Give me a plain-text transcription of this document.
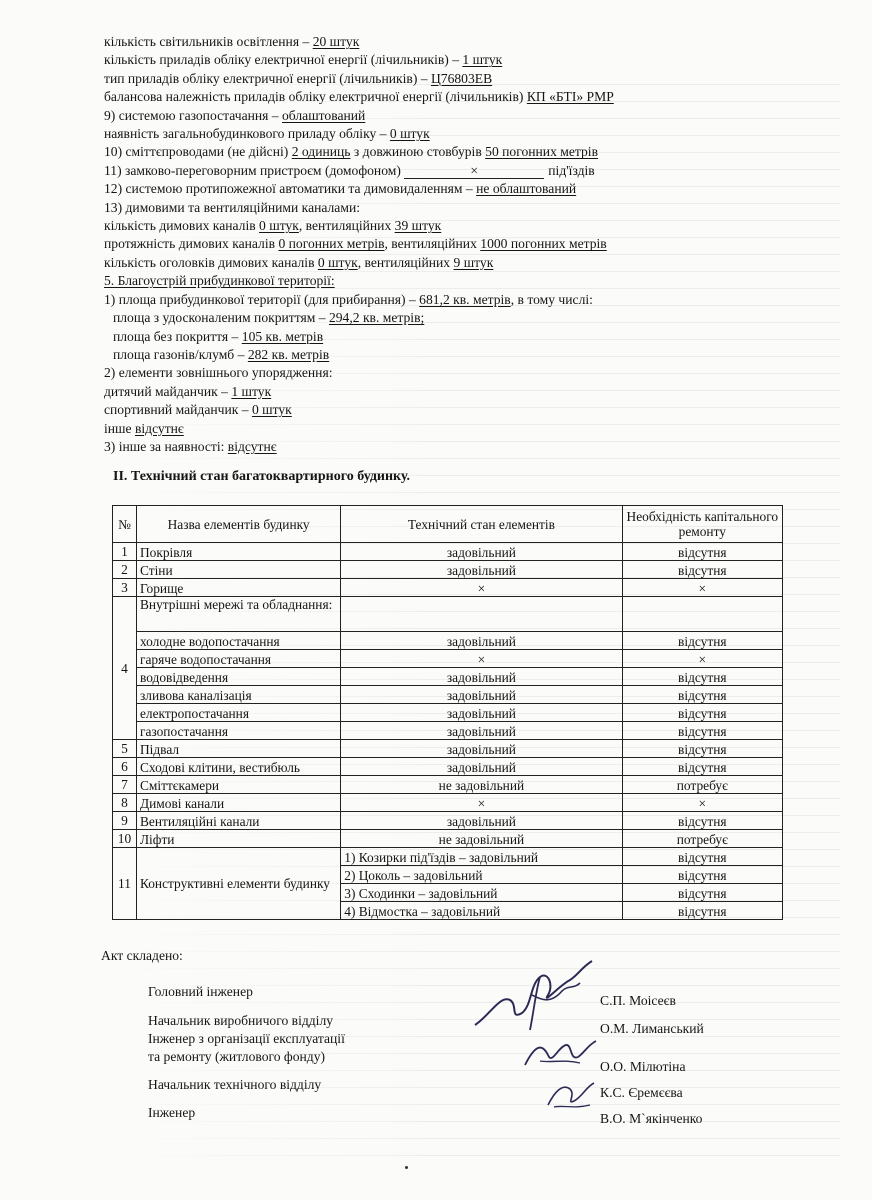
кількість світильників освітлення – 20 штук
кількість приладів обліку електричної енергії (лічильників) – 1 штук
тип приладів обліку електричної енергії (лічильників) – Ц76803ЕВ
балансова належність приладів обліку електричної енергії (лічильників) КП «БТІ» РМР
9) системою газопостачання – облаштований
наявність загальнобудинкового приладу обліку – 0 штук
10) сміттєпроводами (не дійсні) 2 одиниць з довжиною стовбурів 50 погонних метрів
11) замково-переговорним пристроєм (домофоном)	×	під'їздів
12) системою протипожежної автоматики та димовидаленням – не облаштований
13) димовими та вентиляційними каналами:
кількість димових каналів 0 штук, вентиляційних 39 штук
протяжність димових каналів 0 погонних метрів, вентиляційних 1000 погонних метрів
кількість оголовків димових каналів 0 штук, вентиляційних 9 штук
5. Благоустрій прибудинкової території:
1) площа прибудинкової території (для прибирання) – 681,2 кв. метрів, в тому числі:
площа з удосконаленим покриттям – 294,2 кв. метрів;
площа без покриття – 105 кв. метрів
площа газонів/клумб – 282 кв. метрів
2) елементи зовнішнього упорядження:
дитячий майданчик – 1 штук
спортивний майданчик – 0 штук
інше відсутнє
3) інше за наявності: відсутнє
ІІ. Технічний стан багатоквартирного будинку.
№	Назва елементів будинку	Технічний стан елементів	Необхідність капітального ремонту
1	Покрівля	задовільний	відсутня
2	Стіни	задовільний	відсутня
3	Горище	×	×
4	Внутрішні мережі та обладнання:		
	холодне водопостачання	задовільний	відсутня
	гаряче водопостачання	×	×
	водовідведення	задовільний	відсутня
	зливова каналізація	задовільний	відсутня
	електропостачання	задовільний	відсутня
	газопостачання	задовільний	відсутня
5	Підвал	задовільний	відсутня
6	Сходові клітини, вестибюль	задовільний	відсутня
7	Сміттєкамери	не задовільний	потребує
8	Димові канали	×	×
9	Вентиляційні канали	задовільний	відсутня
10	Ліфти	не задовільний	потребує
11	Конструктивні елементи будинку	1) Козирки під'їздів – задовільний	відсутня
		2) Цоколь – задовільний	відсутня
		3) Сходинки – задовільний	відсутня
		4) Відмостка – задовільний	відсутня
Акт складено:
Головний інженер
Начальник виробничого відділу
Інженер з організації експлуатації
та ремонту (житлового фонду)
Начальник технічного відділу
Інженер
С.П. Моісеєв
О.М. Лиманський
О.О. Мілютіна
К.С. Єремєєва
В.О. М`якінченко
